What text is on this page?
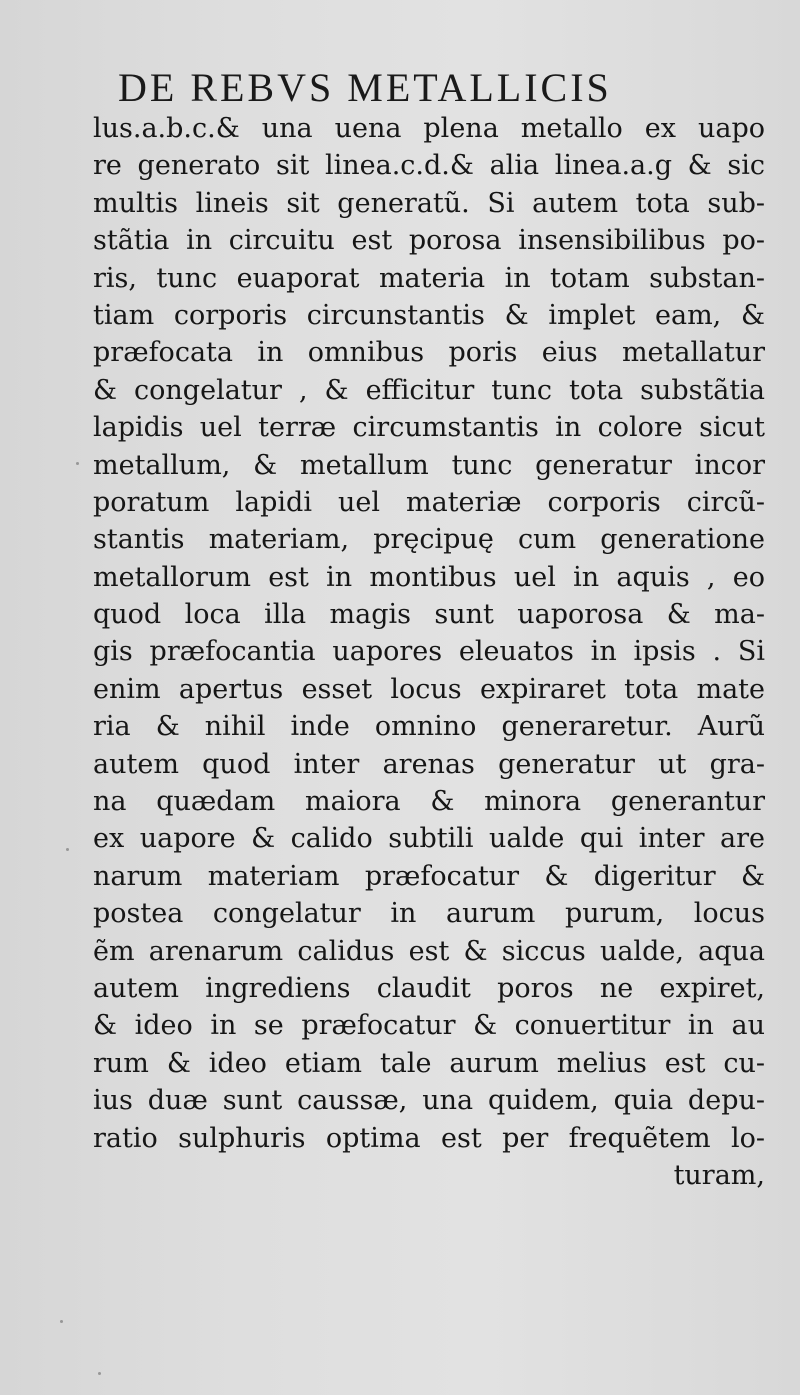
DE REBVS METALLICIS
lus.a.b.c.& una uena plena metallo ex uapo
re generato sit linea.c.d.& alia linea.a.g & sic
multis lineis sit generatũ. Si autem tota sub-
stãtia in circuitu est porosa insensibilibus po-
ris, tunc euaporat materia in totam substan-
tiam corporis circunstantis & implet eam, &
præfocata in omnibus poris eius metallatur
& congelatur , & efficitur tunc tota substãtia
lapidis uel terræ circumstantis in colore sicut
metallum, & metallum tunc generatur incor
poratum lapidi uel materiæ corporis circũ-
stantis materiam, pręcipuę cum generatione
metallorum est in montibus uel in aquis , eo
quod loca illa magis sunt uaporosa & ma-
gis præfocantia uapores eleuatos in ipsis . Si
enim apertus esset locus expiraret tota mate
ria & nihil inde omnino generaretur. Aurũ
autem quod inter arenas generatur ut gra-
na quædam maiora & minora generantur
ex uapore & calido subtili ualde qui inter are
narum materiam præfocatur & digeritur &
postea congelatur in aurum purum, locus
ẽm arenarum calidus est & siccus ualde, aqua
autem ingrediens claudit poros ne expiret,
& ideo in se præfocatur & conuertitur in au
rum & ideo etiam tale aurum melius est cu-
ius duæ sunt caussæ, una quidem, quia depu-
ratio sulphuris optima est per frequẽtem lo-
turam,
